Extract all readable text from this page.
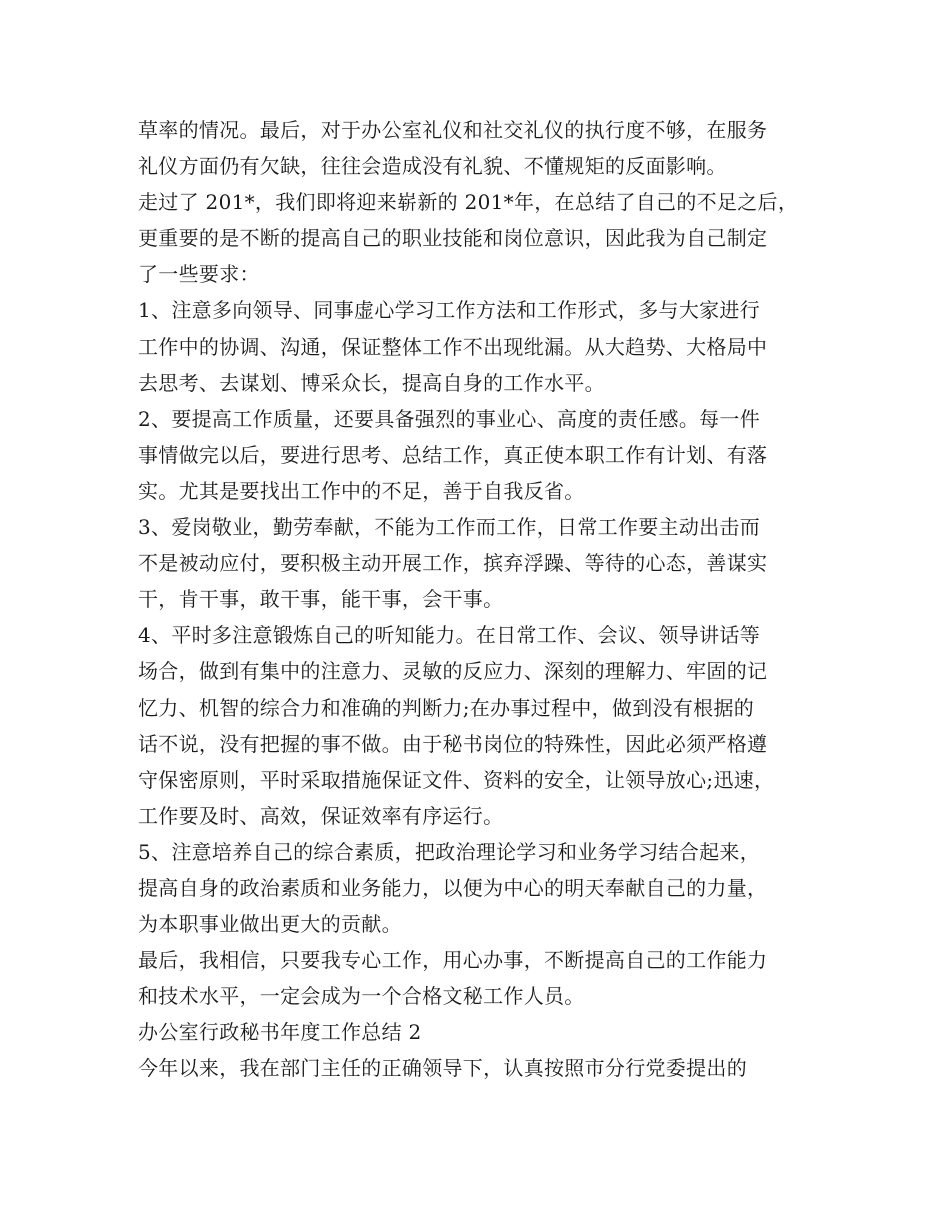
草率的情况。最后，对于办公室礼仪和社交礼仪的执行度不够，在服务
礼仪方面仍有欠缺，往往会造成没有礼貌、不懂规矩的反面影响。

走过了 201*，我们即将迎来崭新的 201*年，在总结了自己的不足之后，
更重要的是不断的提高自己的职业技能和岗位意识，因此我为自己制定
了一些要求：

1、注意多向领导、同事虚心学习工作方法和工作形式，多与大家进行
工作中的协调、沟通，保证整体工作不出现纰漏。从大趋势、大格局中
去思考、去谋划、博采众长，提高自身的工作水平。

2、要提高工作质量，还要具备强烈的事业心、高度的责任感。每一件
事情做完以后，要进行思考、总结工作，真正使本职工作有计划、有落
实。尤其是要找出工作中的不足，善于自我反省。

3、爱岗敬业，勤劳奉献，不能为工作而工作，日常工作要主动出击而
不是被动应付，要积极主动开展工作，摈弃浮躁、等待的心态，善谋实
干，肯干事，敢干事，能干事，会干事。

4、平时多注意锻炼自己的听知能力。在日常工作、会议、领导讲话等
场合，做到有集中的注意力、灵敏的反应力、深刻的理解力、牢固的记
忆力、机智的综合力和准确的判断力;在办事过程中，做到没有根据的
话不说，没有把握的事不做。由于秘书岗位的特殊性，因此必须严格遵
守保密原则，平时采取措施保证文件、资料的安全，让领导放心;迅速，
工作要及时、高效，保证效率有序运行。

5、注意培养自己的综合素质，把政治理论学习和业务学习结合起来，
提高自身的政治素质和业务能力，以便为中心的明天奉献自己的力量，
为本职事业做出更大的贡献。

最后，我相信，只要我专心工作，用心办事，不断提高自己的工作能力
和技术水平，一定会成为一个合格文秘工作人员。

办公室行政秘书年度工作总结 2

今年以来，我在部门主任的正确领导下，认真按照市分行党委提出的
